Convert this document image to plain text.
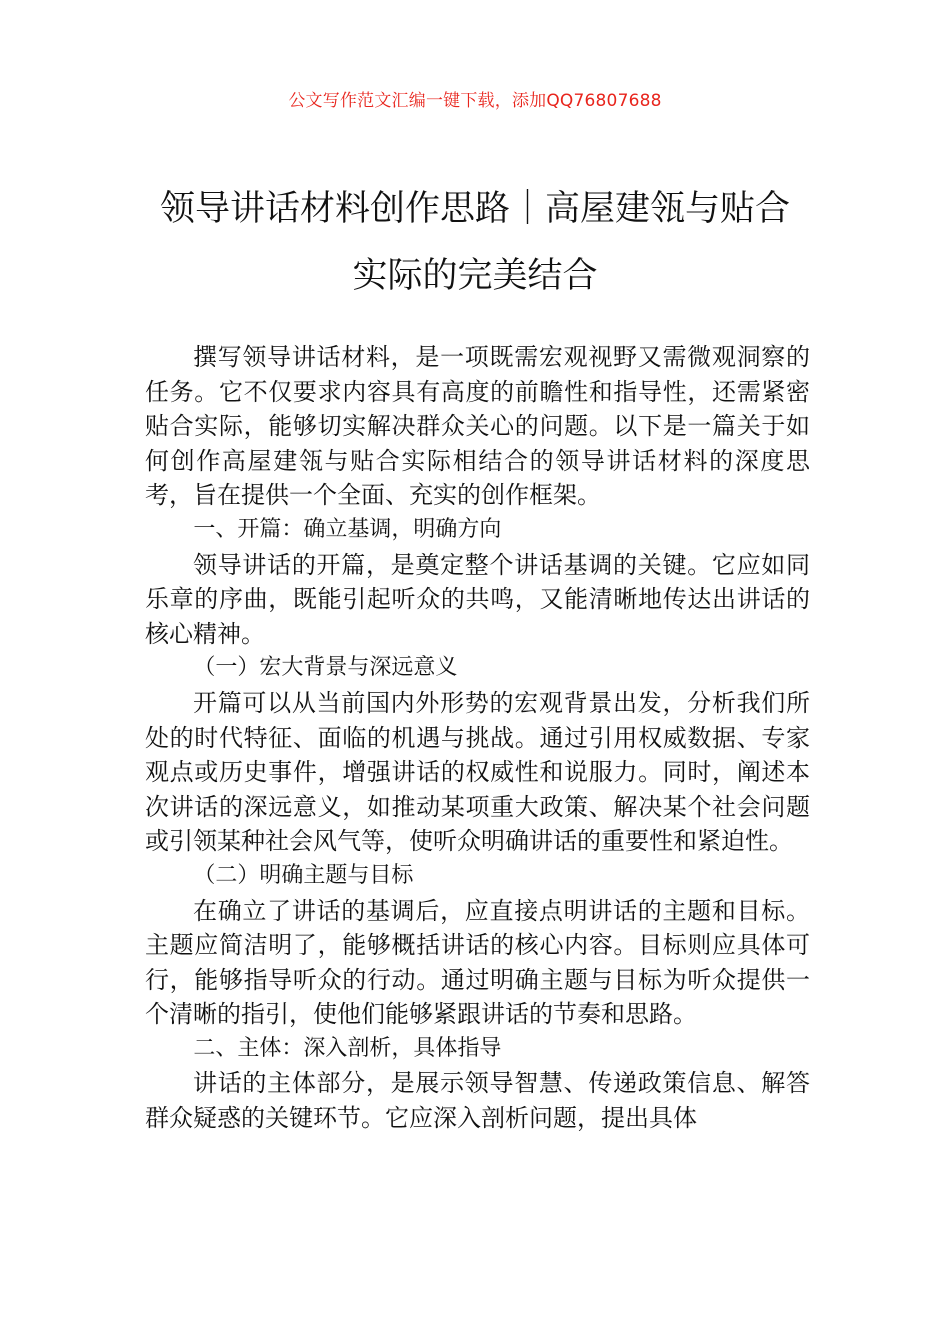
公文写作范文汇编一键下载，添加QQ76807688
领导讲话材料创作思路｜高屋建瓴与贴合
实际的完美结合

撰写领导讲话材料，是一项既需宏观视野又需微观洞察的任务。它不仅要求内容具有高度的前瞻性和指导性，还需紧密贴合实际，能够切实解决群众关心的问题。以下是一篇关于如何创作高屋建瓴与贴合实际相结合的领导讲话材料的深度思考，旨在提供一个全面、充实的创作框架。

一、开篇：确立基调，明确方向

领导讲话的开篇，是奠定整个讲话基调的关键。它应如同乐章的序曲，既能引起听众的共鸣，又能清晰地传达出讲话的核心精神。

（一）宏大背景与深远意义

开篇可以从当前国内外形势的宏观背景出发，分析我们所处的时代特征、面临的机遇与挑战。通过引用权威数据、专家观点或历史事件，增强讲话的权威性和说服力。同时，阐述本次讲话的深远意义，如推动某项重大政策、解决某个社会问题或引领某种社会风气等，使听众明确讲话的重要性和紧迫性。

（二）明确主题与目标

在确立了讲话的基调后，应直接点明讲话的主题和目标。主题应简洁明了，能够概括讲话的核心内容。目标则应具体可行，能够指导听众的行动。通过明确主题与目标为听众提供一个清晰的指引，使他们能够紧跟讲话的节奏和思路。

二、主体：深入剖析，具体指导

讲话的主体部分，是展示领导智慧、传递政策信息、解答群众疑惑的关键环节。它应深入剖析问题，提出具体
